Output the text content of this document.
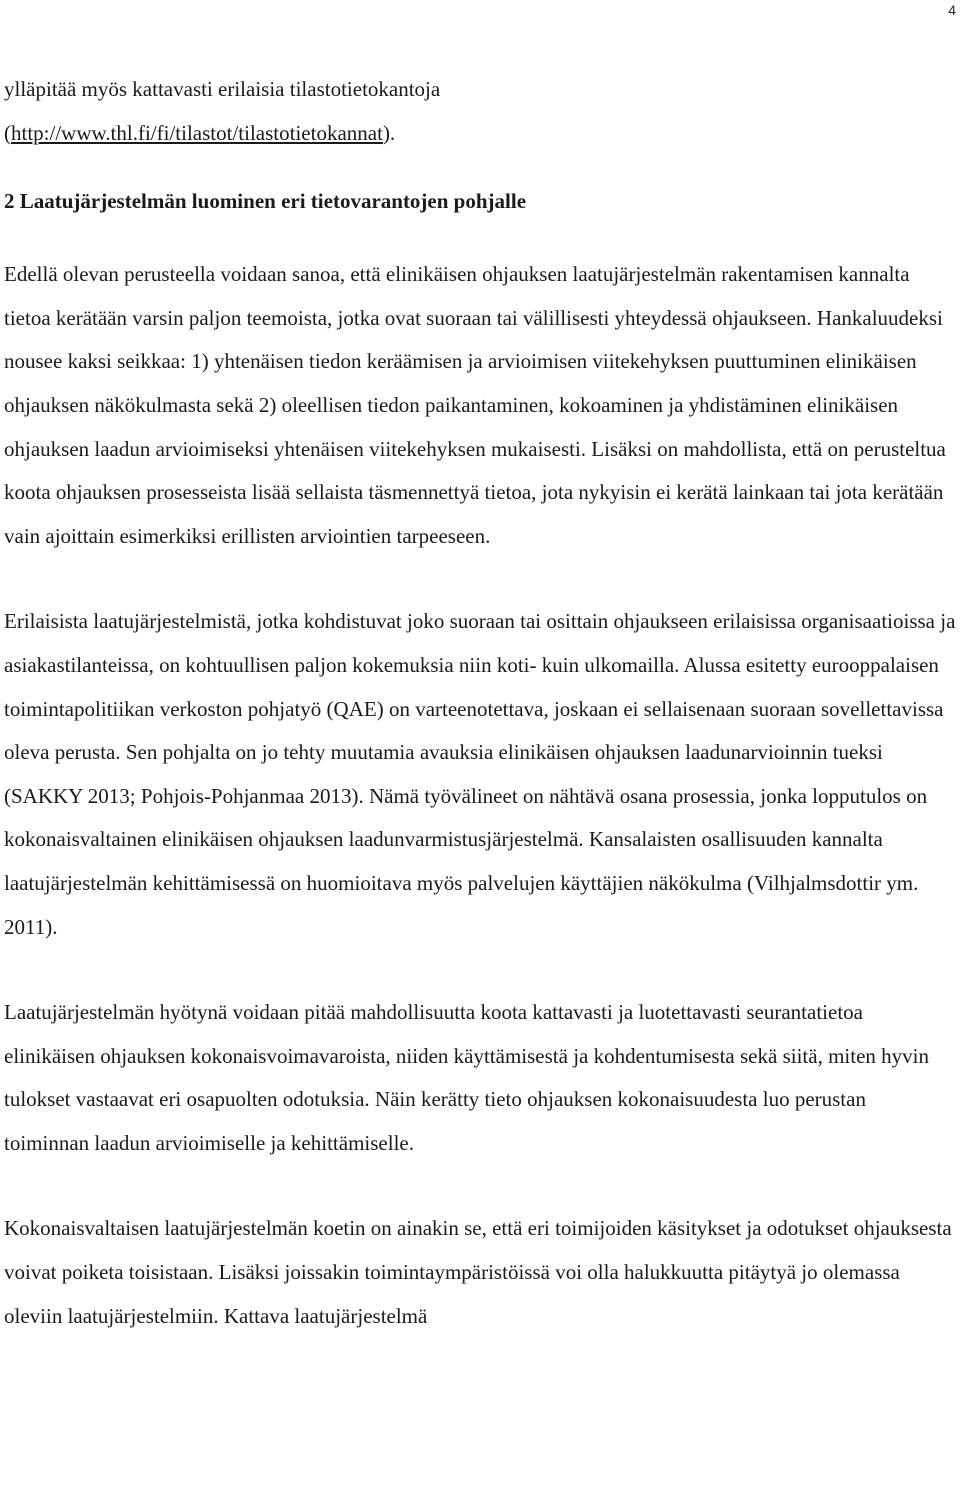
4

ylläpitää myös kattavasti erilaisia tilastotietokantoja
(http://www.thl.fi/fi/tilastot/tilastotietokannat).

2 Laatujärjestelmän luominen eri tietovarantojen pohjalle

Edellä olevan perusteella voidaan sanoa, että elinikäisen ohjauksen laatujärjestelmän rakentamisen kannalta tietoa kerätään varsin paljon teemoista, jotka ovat suoraan tai välillisesti yhteydessä ohjaukseen. Hankaluudeksi nousee kaksi seikkaa: 1) yhtenäisen tiedon keräämisen ja arvioimisen viitekehyksen puuttuminen elinikäisen ohjauksen näkökulmasta sekä 2) oleellisen tiedon paikantaminen, kokoaminen ja yhdistäminen elinikäisen ohjauksen laadun arvioimiseksi yhtenäisen viitekehyksen mukaisesti. Lisäksi on mahdollista, että on perusteltua koota ohjauksen prosesseista lisää sellaista täsmennettyä tietoa, jota nykyisin ei kerätä lainkaan tai jota kerätään vain ajoittain esimerkiksi erillisten arviointien tarpeeseen.

Erilaisista laatujärjestelmistä, jotka kohdistuvat joko suoraan tai osittain ohjaukseen erilaisissa organisaatioissa ja asiakastilanteissa, on kohtuullisen paljon kokemuksia niin koti- kuin ulkomailla. Alussa esitetty eurooppalaisen toimintapolitiikan verkoston pohjatyö (QAE) on varteenotettava, joskaan ei sellaisenaan suoraan sovellettavissa oleva perusta. Sen pohjalta on jo tehty muutamia avauksia elinikäisen ohjauksen laadunarvioinnin tueksi (SAKKY 2013; Pohjois-Pohjanmaa 2013). Nämä työvälineet on nähtävä osana prosessia, jonka lopputulos on kokonaisvaltainen elinikäisen ohjauksen laadunvarmistusjärjestelmä. Kansalaisten osallisuuden kannalta laatujärjestelmän kehittämisessä on huomioitava myös palvelujen käyttäjien näkökulma (Vilhjalmsdottir ym. 2011).

Laatujärjestelmän hyötynä voidaan pitää mahdollisuutta koota kattavasti ja luotettavasti seurantatietoa elinikäisen ohjauksen kokonaisvoimavaroista, niiden käyttämisestä ja kohdentumisesta sekä siitä, miten hyvin tulokset vastaavat eri osapuolten odotuksia. Näin kerätty tieto ohjauksen kokonaisuudesta luo perustan toiminnan laadun arvioimiselle ja kehittämiselle.

Kokonaisvaltaisen laatujärjestelmän koetin on ainakin se, että eri toimijoiden käsitykset ja odotukset ohjauksesta voivat poiketa toisistaan. Lisäksi joissakin toimintaympäristöissä voi olla halukkuutta pitäytyä jo olemassa oleviin laatujärjestelmiin. Kattava laatujärjestelmä
